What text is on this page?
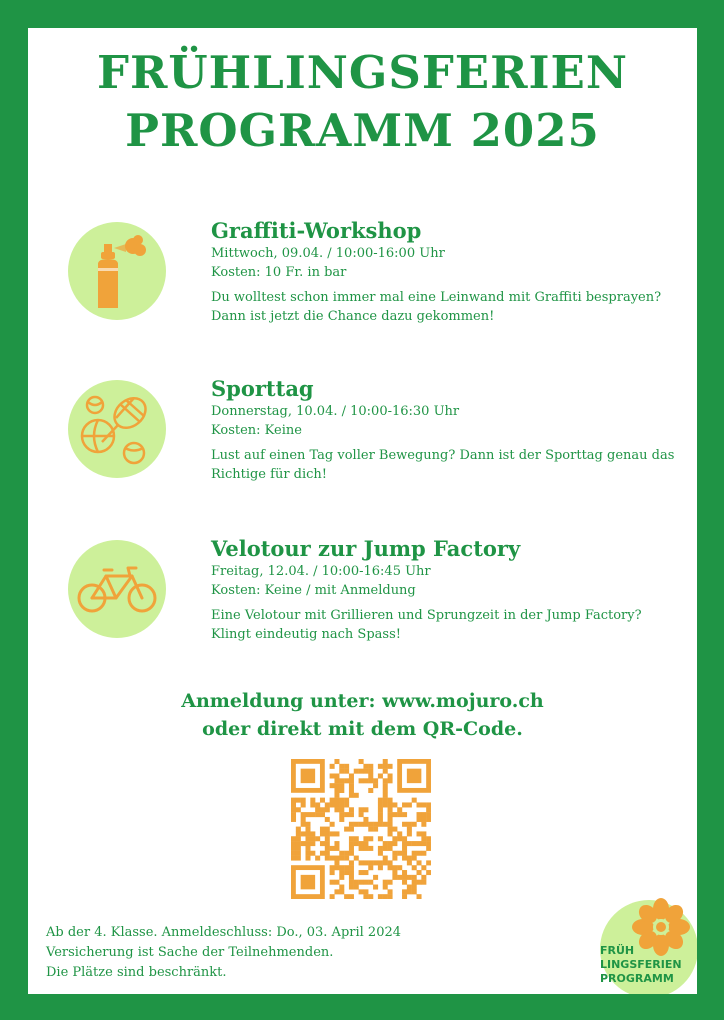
FRÜHLINGSFERIEN
PROGRAMM 2025
Graffiti-Workshop
Mittwoch, 09.04. / 10:00-16:00 Uhr
Kosten: 10 Fr. in bar
Du wolltest schon immer mal eine Leinwand mit Graffiti besprayen? Dann ist jetzt die Chance dazu gekommen!
Sporttag
Donnerstag, 10.04. / 10:00-16:30 Uhr
Kosten: Keine
Lust auf einen Tag voller Bewegung? Dann ist der Sporttag genau das Richtige für dich!
Velotour zur Jump Factory
Freitag, 12.04. / 10:00-16:45 Uhr
Kosten: Keine / mit Anmeldung
Eine Velotour mit Grillieren und Sprungzeit in der Jump Factory? Klingt eindeutig nach Spass!
Anmeldung unter: www.mojuro.ch
oder direkt mit dem QR-Code.
Ab der 4. Klasse. Anmeldeschluss: Do., 03. April 2024
Versicherung ist Sache der Teilnehmenden.
Die Plätze sind beschränkt.
FRÜH
LINGSFERIEN
PROGRAMM
